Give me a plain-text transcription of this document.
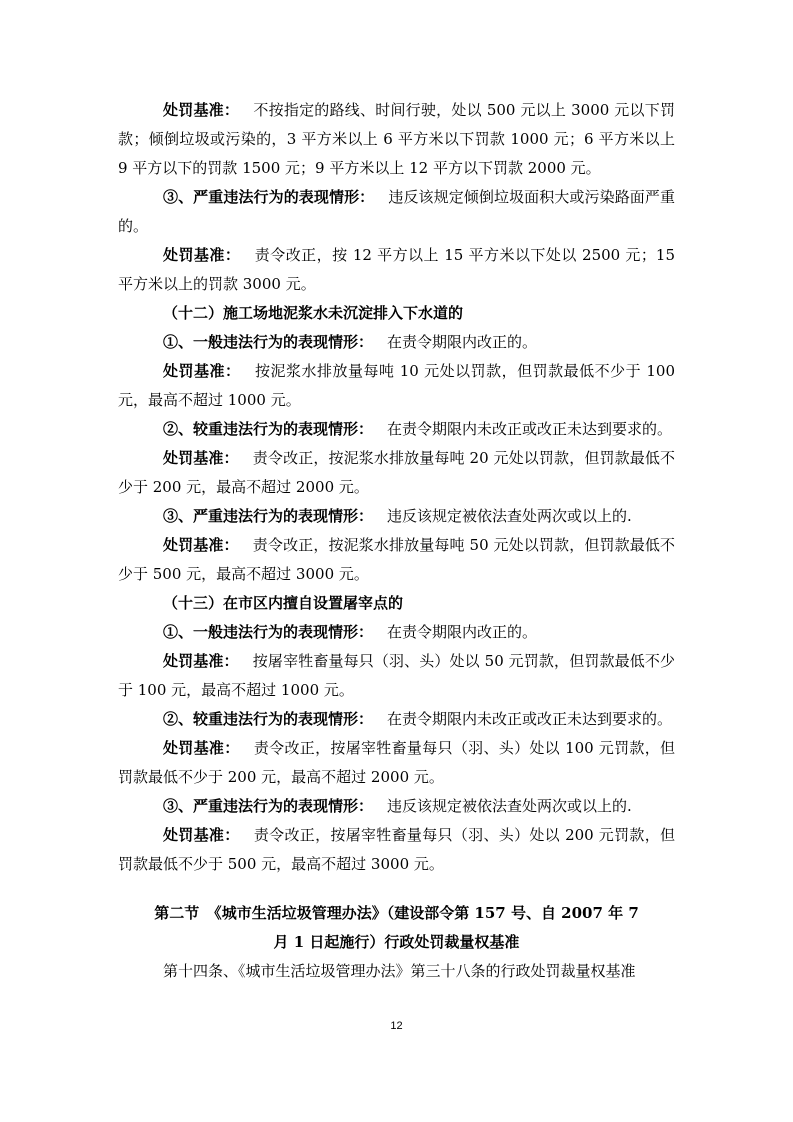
处罚基准： 不按指定的路线、时间行驶，处以 500 元以上 3000 元以下罚款；倾倒垃圾或污染的，3 平方米以上 6 平方米以下罚款 1000 元；6 平方米以上 9 平方以下的罚款 1500 元；9 平方米以上 12 平方以下罚款 2000 元。

③、严重违法行为的表现情形： 违反该规定倾倒垃圾面积大或污染路面严重的。

处罚基准： 责令改正，按 12 平方以上 15 平方米以下处以 2500 元；15 平方米以上的罚款 3000 元。

（十二）施工场地泥浆水未沉淀排入下水道的

①、一般违法行为的表现情形： 在责令期限内改正的。

处罚基准： 按泥浆水排放量每吨 10 元处以罚款，但罚款最低不少于 100 元，最高不超过 1000 元。

②、较重违法行为的表现情形： 在责令期限内未改正或改正未达到要求的。

处罚基准： 责令改正，按泥浆水排放量每吨 20 元处以罚款，但罚款最低不少于 200 元，最高不超过 2000 元。

③、严重违法行为的表现情形： 违反该规定被依法查处两次或以上的.

处罚基准： 责令改正，按泥浆水排放量每吨 50 元处以罚款，但罚款最低不少于 500 元，最高不超过 3000 元。

（十三）在市区内擅自设置屠宰点的

①、一般违法行为的表现情形： 在责令期限内改正的。

处罚基准： 按屠宰牲畜量每只（羽、头）处以 50 元罚款，但罚款最低不少于 100 元，最高不超过 1000 元。

②、较重违法行为的表现情形： 在责令期限内未改正或改正未达到要求的。

处罚基准： 责令改正，按屠宰牲畜量每只（羽、头）处以 100 元罚款，但罚款最低不少于 200 元，最高不超过 2000 元。

③、严重违法行为的表现情形： 违反该规定被依法查处两次或以上的.

处罚基准： 责令改正，按屠宰牲畜量每只（羽、头）处以 200 元罚款，但罚款最低不少于 500 元，最高不超过 3000 元。

第二节　《城市生活垃圾管理办法》（建设部令第 157 号、自 2007 年 7
月 1 日起施行）行政处罚裁量权基准

第十四条、《城市生活垃圾管理办法》第三十八条的行政处罚裁量权基准

12
